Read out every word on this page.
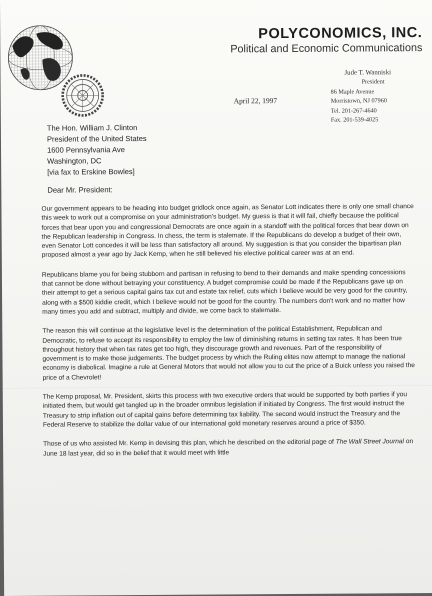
POLYCONOMICS, INC.
Political and Economic Communications
Jude T. Wanniski
President
86 Maple Avenue
Morristown, NJ 07960
Tel. 201-267-4640
Fax. 201-539-4025
April 22, 1997
The Hon. William J. Clinton
President of the United States
1600 Pennsylvania Ave
Washington, DC
[via fax to Erskine Bowles]
Dear Mr. President:

Our government appears to be heading into budget gridlock once again, as Senator Lott indicates there is only one small chance this week to work out a compromise on your administration's budget. My guess is that it will fail, chiefly because the political forces that bear upon you and congressional Democrats are once again in a standoff with the political forces that bear down on the Republican leadership in Congress. In chess, the term is stalemate. If the Republicans do develop a budget of their own, even Senator Lott concedes it will be less than satisfactory all around. My suggestion is that you consider the bipartisan plan proposed almost a year ago by Jack Kemp, when he still believed his elective political career was at an end.

Republicans blame you for being stubborn and partisan in refusing to bend to their demands and make spending concessions that cannot be done without betraying your constituency. A budget compromise could be made if the Republicans gave up on their attempt to get a serious capital gains tax cut and estate tax relief, cuts which I believe would be very good for the country, along with a $500 kiddie credit, which I believe would not be good for the country. The numbers don't work and no matter how many times you add and subtract, multiply and divide, we come back to stalemate.

The reason this will continue at the legislative level is the determination of the political Establishment, Republican and Democratic, to refuse to accept its responsibility to employ the law of diminishing returns in setting tax rates. It has been true throughout history that when tax rates get too high, they discourage growth and revenues. Part of the responsibility of government is to make those judgements. The budget process by which the Ruling elites now attempt to manage the national economy is diabolical. Imagine a rule at General Motors that would not allow you to cut the price of a Buick unless you raised the price of a Chevrolet!

The Kemp proposal, Mr. President, skirts this process with two executive orders that would be supported by both parties if you initiated them, but would get tangled up in the broader omnibus legislation if initiated by Congress. The first would instruct the Treasury to strip inflation out of capital gains before determining tax liability. The second would instruct the Treasury and the Federal Reserve to stabilize the dollar value of our international gold monetary reserves around a price of $350.

Those of us who assisted Mr. Kemp in devising this plan, which he described on the editorial page of The Wall Street Journal on June 18 last year, did so in the belief that it would meet with little
